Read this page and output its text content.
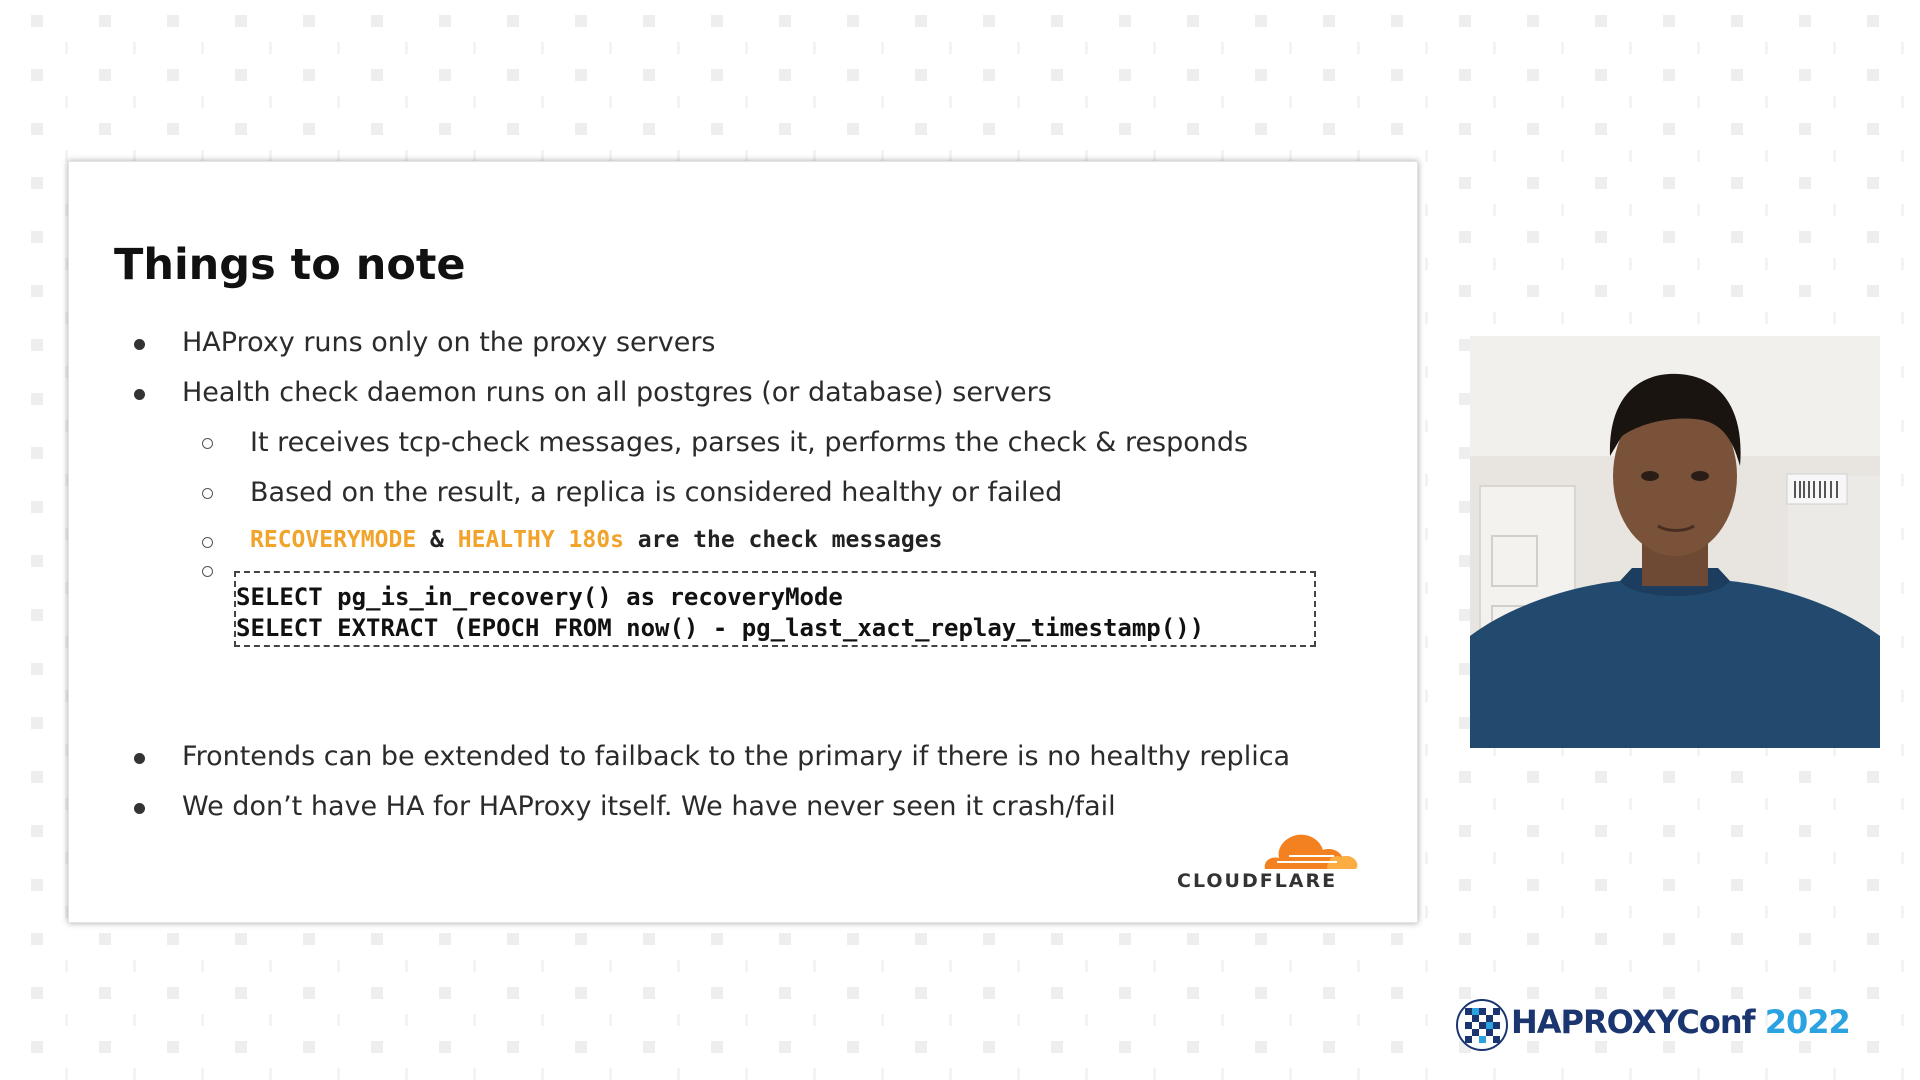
Things to note
HAProxy runs only on the proxy servers
Health check daemon runs on all postgres (or database) servers
It receives tcp-check messages, parses it, performs the check & responds
Based on the result, a replica is considered healthy or failed
RECOVERYMODE & HEALTHY 180s are the check messages
SELECT pg_is_in_recovery() as recoveryMode
SELECT EXTRACT (EPOCH FROM now() - pg_last_xact_replay_timestamp())
Frontends can be extended to failback to the primary if there is no healthy replica
We don’t have HA for HAProxy itself. We have never seen it crash/fail
CLOUDFLARE
HAPROXYConf 2022
